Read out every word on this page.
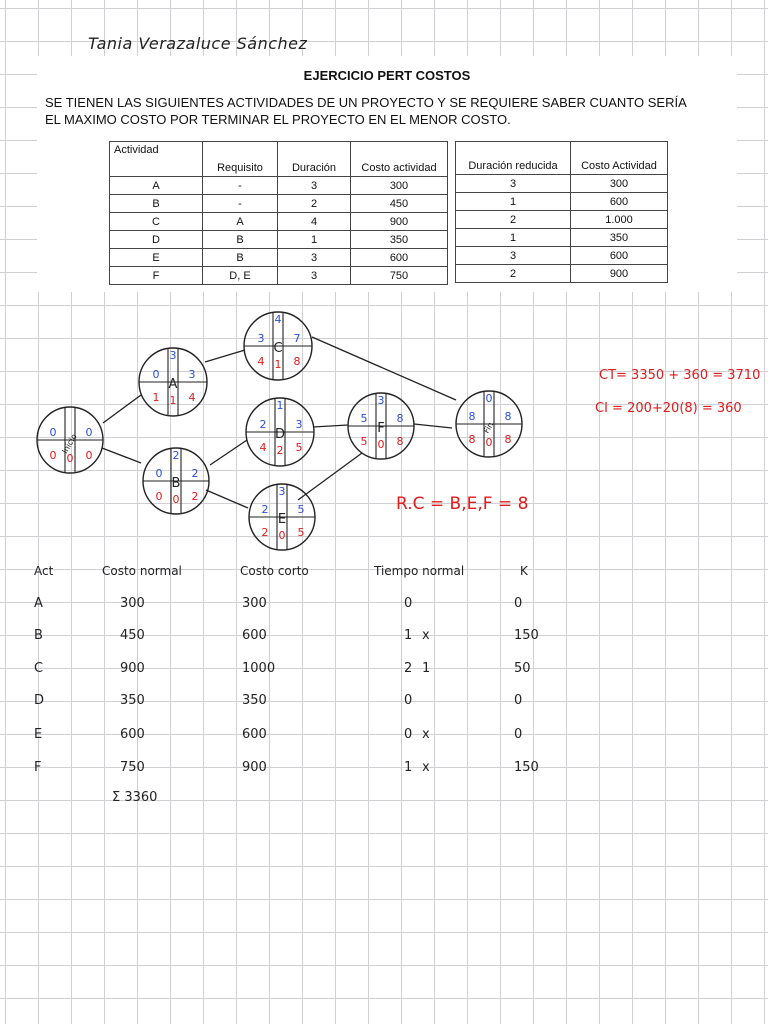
Tania Verazaluce Sánchez
EJERCICIO PERT COSTOS
SE TIENEN LAS SIGUIENTES ACTIVIDADES DE UN PROYECTO Y SE REQUIERE SABER CUANTO SERÍA
EL MAXIMO COSTO POR TERMINAR EL PROYECTO EN EL MENOR COSTO.
Actividad	Requisito	Duración	Costo actividad
A	-	3	300
B	-	2	450
C	A	4	900
D	B	1	350
E	B	3	600
F	D, E	3	750
Duración reducida	Costo Actividad
3	300
1	600
2	1.000
1	350
3	600
2	900
0	0
0 0 0
Inicio
3
0	3
1 1 4
A
2
0	2
0 0 2
B
4
3	7
4 1 8
C
1
2	3
4 2 5
D
3
2	5
2 0 5
E
3
5	8
5 0 8
F
0
8	8
8 0 8
Fin
CT= 3350 + 360 = 3710
CI = 200+20(8) = 360
R.C = B,E,F = 8
Act	Costo normal	Costo corto	Tiempo normal	K
A	300	300	0	0
B	450	600	1 x	150
C	900	1000	2 1	50
D	350	350	0	0
E	600	600	0 x	0
F	750	900	1 x	150
Σ 3360
